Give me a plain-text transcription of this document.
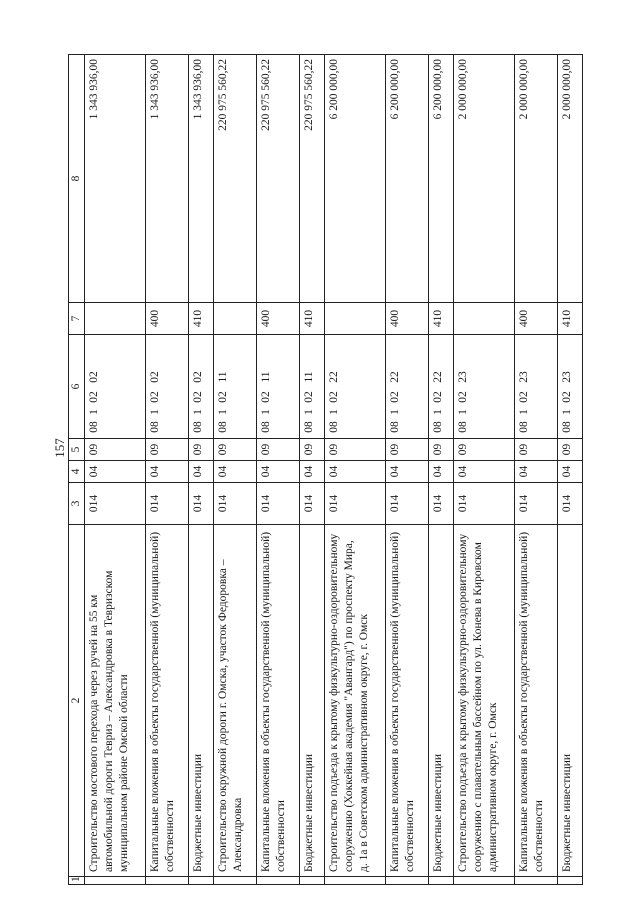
157
1	2	3	4	5	6	7	8
	Строительство мостового перехода через ручей на 55 км автомобильной дороги Тевриз – Александровка в Тевризском муниципальном районе Омской области	014	04	09	0810202		1 343 936,00
	Капитальные вложения в объекты государственной (муниципальной) собственности	014	04	09	0810202	400	1 343 936,00
	Бюджетные инвестиции	014	04	09	0810202	410	1 343 936,00
	Строительство окружной дороги г. Омска, участок Федоровка – Александровка	014	04	09	0810211		220 975 560,22
	Капитальные вложения в объекты государственной (муниципальной) собственности	014	04	09	0810211	400	220 975 560,22
	Бюджетные инвестиции	014	04	09	0810211	410	220 975 560,22
	Строительство подъезда к крытому физкультурно-оздоровительному сооружению (Хоккейная академия "Авангард") по проспекту Мира, д. 1а в Советском административном округе, г. Омск	014	04	09	0810222		6 200 000,00
	Капитальные вложения в объекты государственной (муниципальной) собственности	014	04	09	0810222	400	6 200 000,00
	Бюджетные инвестиции	014	04	09	0810222	410	6 200 000,00
	Строительство подъезда к крытому физкультурно-оздоровительному сооружению с плавательным бассейном по ул. Конева в Кировском административном округе, г. Омск	014	04	09	0810223		2 000 000,00
	Капитальные вложения в объекты государственной (муниципальной) собственности	014	04	09	0810223	400	2 000 000,00
	Бюджетные инвестиции	014	04	09	0810223	410	2 000 000,00
